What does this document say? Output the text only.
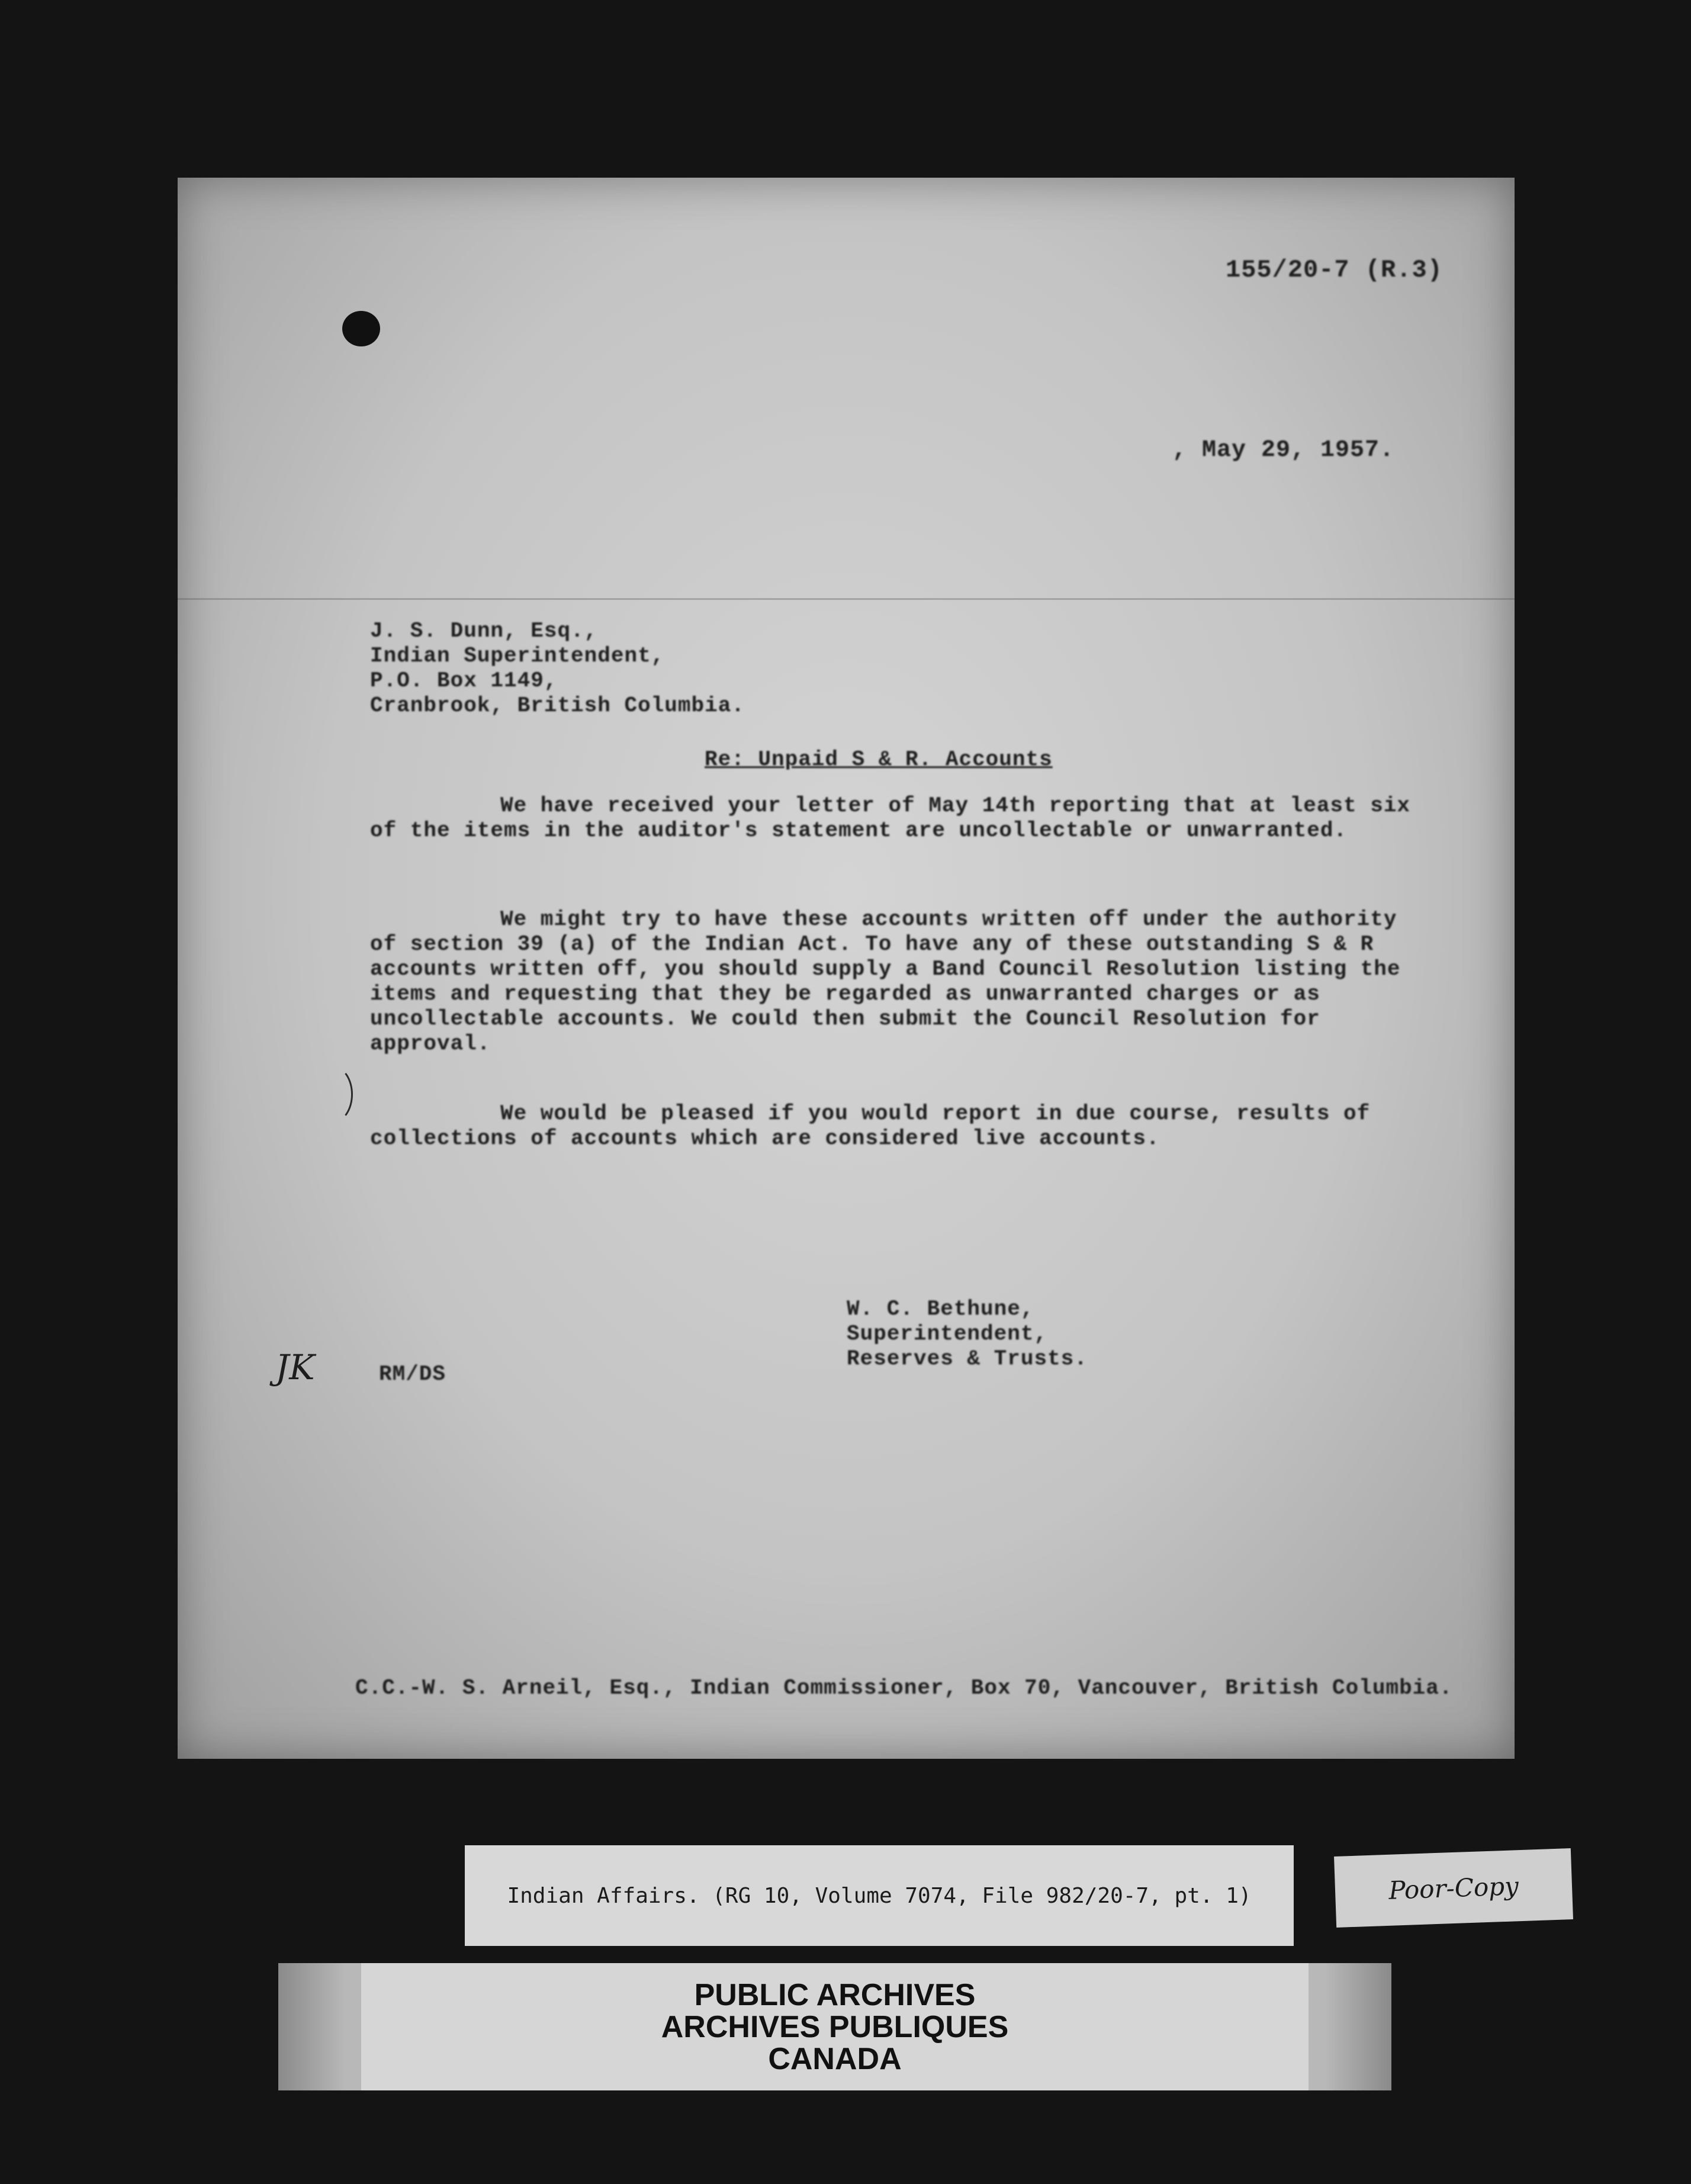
155/20-7 (R.3)
, May 29, 1957.
J. S. Dunn, Esq.,
Indian Superintendent,
P.O. Box 1149,
Cranbrook, British Columbia.
Re: Unpaid S & R. Accounts
We have received your letter of May 14th reporting that at least six of the items in the auditor's statement are uncollectable or unwarranted.
We might try to have these accounts written off under the authority of section 39 (a) of the Indian Act. To have any of these outstanding S & R accounts written off, you should supply a Band Council Resolution listing the items and requesting that they be regarded as unwarranted charges or as uncollectable accounts. We could then submit the Council Resolution for approval.
We would be pleased if you would report in due course, results of collections of accounts which are considered live accounts.
W. C. Bethune,
Superintendent,
Reserves & Trusts.
RM/DS
JK
C.C.-W. S. Arneil, Esq., Indian Commissioner, Box 70, Vancouver, British Columbia.
Indian Affairs. (RG 10, Volume 7074, File 982/20-7, pt. 1)	Poor-Copy
PUBLIC ARCHIVES
ARCHIVES PUBLIQUES
CANADA
